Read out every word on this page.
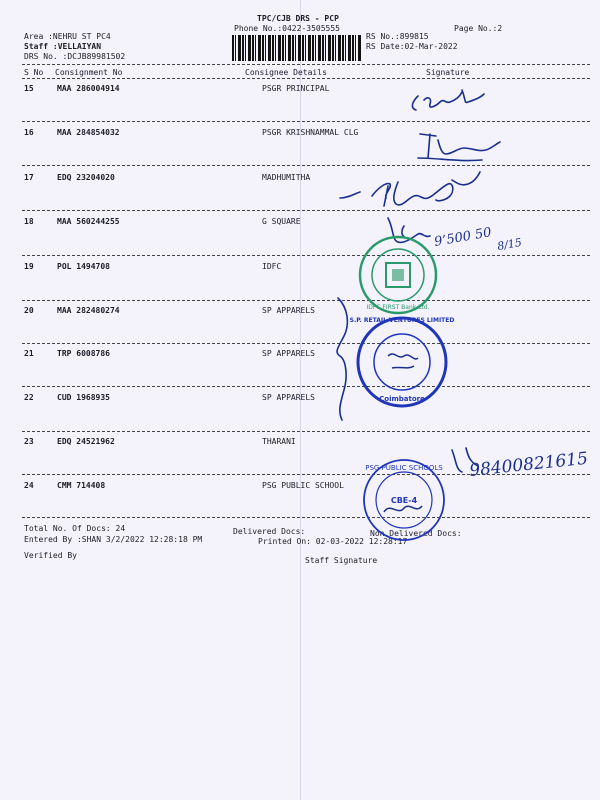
TPC/CJB DRS - PCP
Phone No.:0422-3505555	Page No.:2
Area :NEHRU ST PC4
Staff :VELLAIYAN
DRS No. :DCJB89981502
RS No.:899815
RS Date:02-Mar-2022
S No Consignment No	Consignee Details	Signature
15	MAA 286004914	PSGR PRINCIPAL
16	MAA 284854032	PSGR KRISHNAMMAL CLG
17	EDQ 23204020	MADHUMITHA
18	MAA 560244255	G SQUARE
19	POL 1494708	IDFC
20	MAA 282480274	SP APPARELS
21	TRP 6008786	SP APPARELS
22	CUD 1968935	SP APPARELS
23	EDQ 24521962	THARANI
24	CMM 714408	PSG PUBLIC SCHOOL
Total No. Of Docs: 24	Delivered Docs:	Non Delivered Docs:
Entered By :SHAN 3/2/2022 12:28:18 PM	Printed On: 02-03-2022 12:28:17
Verified By
Staff Signature
9’500 50 8/15
98400821615
IDFC FIRST Bank Ltd.
S.P. RETAIL VENTURES LIMITED
Coimbatore
PSG PUBLIC SCHOOLS
CBE-4
